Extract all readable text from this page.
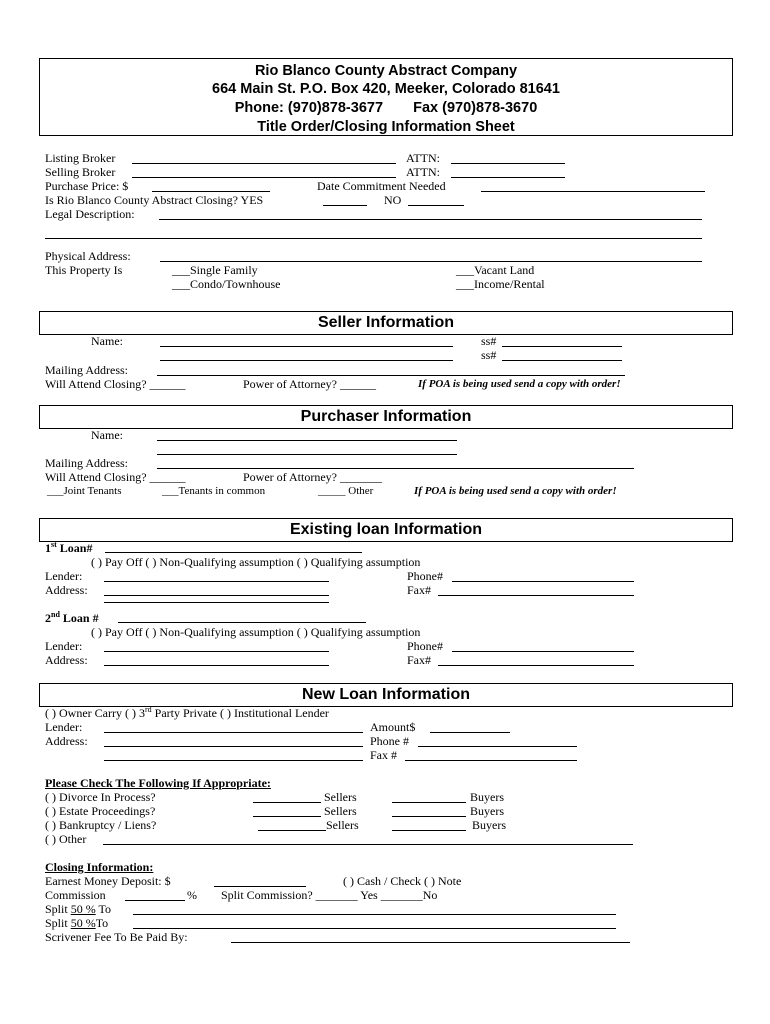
Rio Blanco County Abstract Company
664 Main St. P.O. Box 420, Meeker, Colorado 81641
Phone: (970)878-3677 Fax (970)878-3670
Title Order/Closing Information Sheet
Listing Broker	ATTN:
Selling Broker	ATTN:
Purchase Price: $	Date Commitment Needed
Is Rio Blanco County Abstract Closing? YES	NO
Legal Description:
Physical Address:
This Property Is	___Single Family	___Vacant Land
___Condo/Townhouse	___Income/Rental
Seller Information
Name:	ss#
ss#
Mailing Address:
Will Attend Closing? ______	Power of Attorney? ______	If POA is being used send a copy with order!
Purchaser Information
Name:
Mailing Address:
Will Attend Closing? ______	Power of Attorney? _______
___Joint Tenants	___Tenants in common	_____ Other	If POA is being used send a copy with order!
Existing loan Information
1st Loan#
( ) Pay Off ( ) Non-Qualifying assumption ( ) Qualifying assumption
Lender:	Phone#
Address:	Fax#
2nd Loan #
( ) Pay Off ( ) Non-Qualifying assumption ( ) Qualifying assumption
Lender:	Phone#
Address:	Fax#
New Loan Information
( ) Owner Carry ( ) 3rd Party Private ( ) Institutional Lender
Lender:	Amount$
Address:	Phone #
Fax #
Please Check The Following If Appropriate:
( ) Divorce In Process?	Sellers	Buyers
( ) Estate Proceedings?	Sellers	Buyers
( ) Bankruptcy / Liens?	Sellers	Buyers
( ) Other
Closing Information:
Earnest Money Deposit: $	( ) Cash / Check ( ) Note
Commission	% Split Commission? _______ Yes _______No
Split 50 % To
Split 50 %To
Scrivener Fee To Be Paid By:
